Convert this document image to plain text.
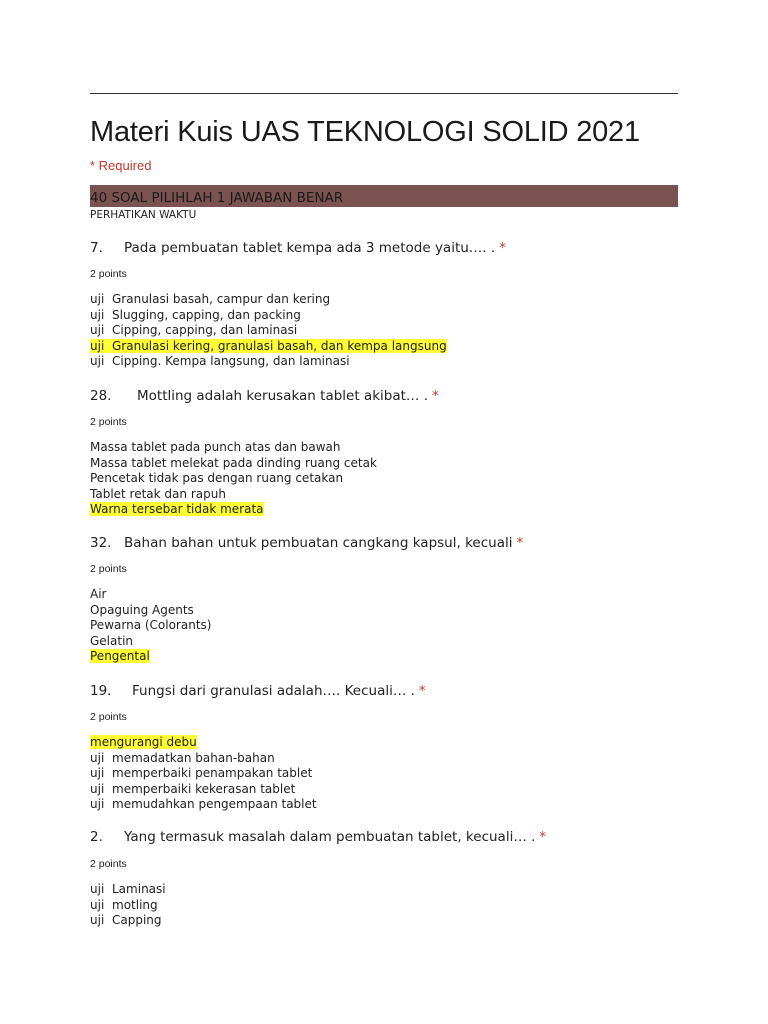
Materi Kuis UAS TEKNOLOGI SOLID 2021
* Required
40 SOAL PILIHLAH 1 JAWABAN BENAR
PERHATIKAN WAKTU
7. Pada pembuatan tablet kempa ada 3 metode yaitu…. . *
2 points
uji Granulasi basah, campur dan kering
uji Slugging, capping, dan packing
uji Cipping, capping, dan laminasi
uji Granulasi kering, granulasi basah, dan kempa langsung
uji Cipping. Kempa langsung, dan laminasi
28. Mottling adalah kerusakan tablet akibat… . *
2 points
Massa tablet pada punch atas dan bawah
Massa tablet melekat pada dinding ruang cetak
Pencetak tidak pas dengan ruang cetakan
Tablet retak dan rapuh
Warna tersebar tidak merata
32. Bahan bahan untuk pembuatan cangkang kapsul, kecuali *
2 points
Air
Opaguing Agents
Pewarna (Colorants)
Gelatin
Pengental
19. Fungsi dari granulasi adalah…. Kecuali… . *
2 points
mengurangi debu
uji memadatkan bahan-bahan
uji memperbaiki penampakan tablet
uji memperbaiki kekerasan tablet
uji memudahkan pengempaan tablet
2. Yang termasuk masalah dalam pembuatan tablet, kecuali… . *
2 points
uji Laminasi
uji motling
uji Capping
